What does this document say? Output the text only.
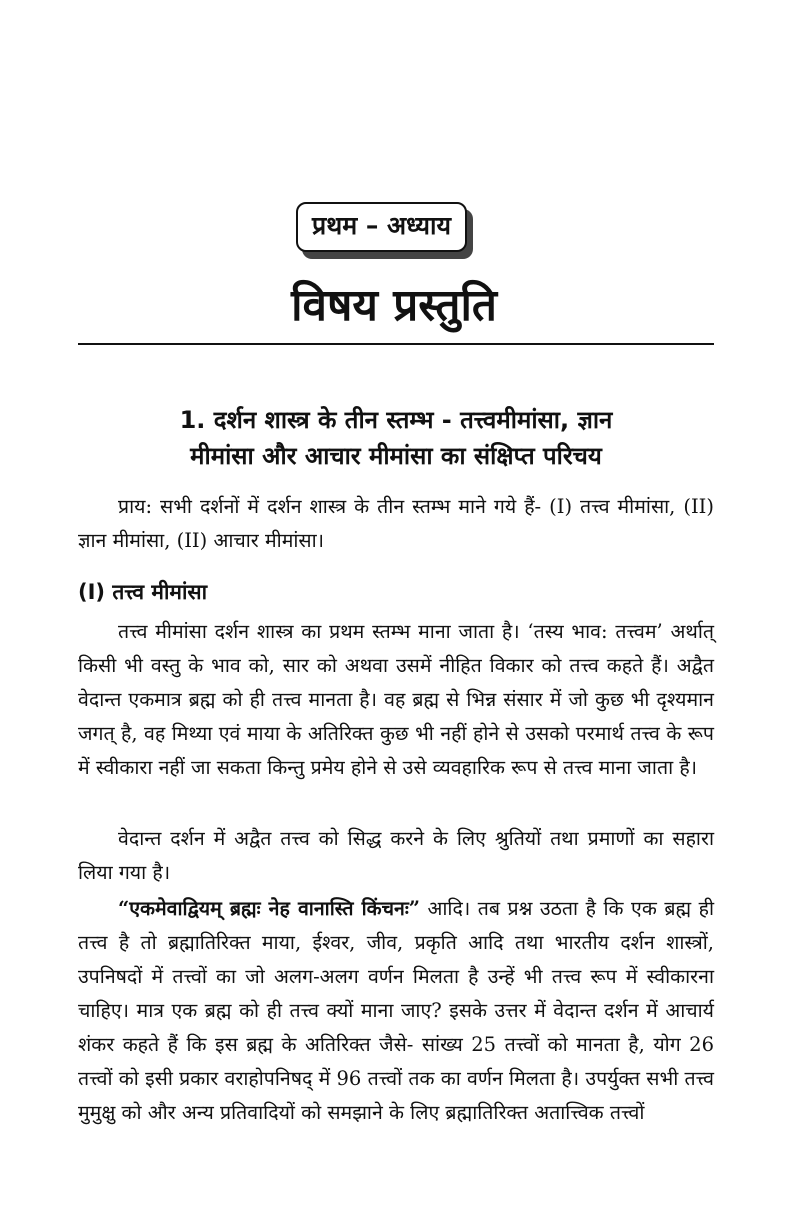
प्रथम – अध्याय
विषय प्रस्तुति
1. दर्शन शास्त्र के तीन स्तम्भ - तत्त्वमीमांसा, ज्ञान
मीमांसा और आचार मीमांसा का संक्षिप्त परिचय

प्राय: सभी दर्शनों में दर्शन शास्त्र के तीन स्तम्भ माने गये हैं- (I) तत्त्व मीमांसा, (II) ज्ञान मीमांसा, (II) आचार मीमांसा।

(I) तत्त्व मीमांसा

तत्त्व मीमांसा दर्शन शास्त्र का प्रथम स्तम्भ माना जाता है। ‘तस्य भाव: तत्त्वम’ अर्थात् किसी भी वस्तु के भाव को, सार को अथवा उसमें नीहित विकार को तत्त्व कहते हैं। अद्वैत वेदान्त एकमात्र ब्रह्म को ही तत्त्व मानता है। वह ब्रह्म से भिन्न संसार में जो कुछ भी दृश्यमान जगत् है, वह मिथ्या एवं माया के अतिरिक्त कुछ भी नहीं होने से उसको परमार्थ तत्त्व के रूप में स्वीकारा नहीं जा सकता किन्तु प्रमेय होने से उसे व्यवहारिक रूप से तत्त्व माना जाता है।

वेदान्त दर्शन में अद्वैत तत्त्व को सिद्ध करने के लिए श्रुतियों तथा प्रमाणों का सहारा लिया गया है।

“एकमेवाद्वियम् ब्रह्मः नेह वानास्ति किंचनः” आदि। तब प्रश्न उठता है कि एक ब्रह्म ही तत्त्व है तो ब्रह्मातिरिक्त माया, ईश्वर, जीव, प्रकृति आदि तथा भारतीय दर्शन शास्त्रों, उपनिषदों में तत्त्वों का जो अलग-अलग वर्णन मिलता है उन्हें भी तत्त्व रूप में स्वीकारना चाहिए। मात्र एक ब्रह्म को ही तत्त्व क्यों माना जाए? इसके उत्तर में वेदान्त दर्शन में आचार्य शंकर कहते हैं कि इस ब्रह्म के अतिरिक्त जैसे- सांख्य 25 तत्त्वों को मानता है, योग 26 तत्त्वों को इसी प्रकार वराहोपनिषद् में 96 तत्त्वों तक का वर्णन मिलता है। उपर्युक्त सभी तत्त्व मुमुक्षु को और अन्य प्रतिवादियों को समझाने के लिए ब्रह्मातिरिक्त अतात्त्विक तत्त्वों
